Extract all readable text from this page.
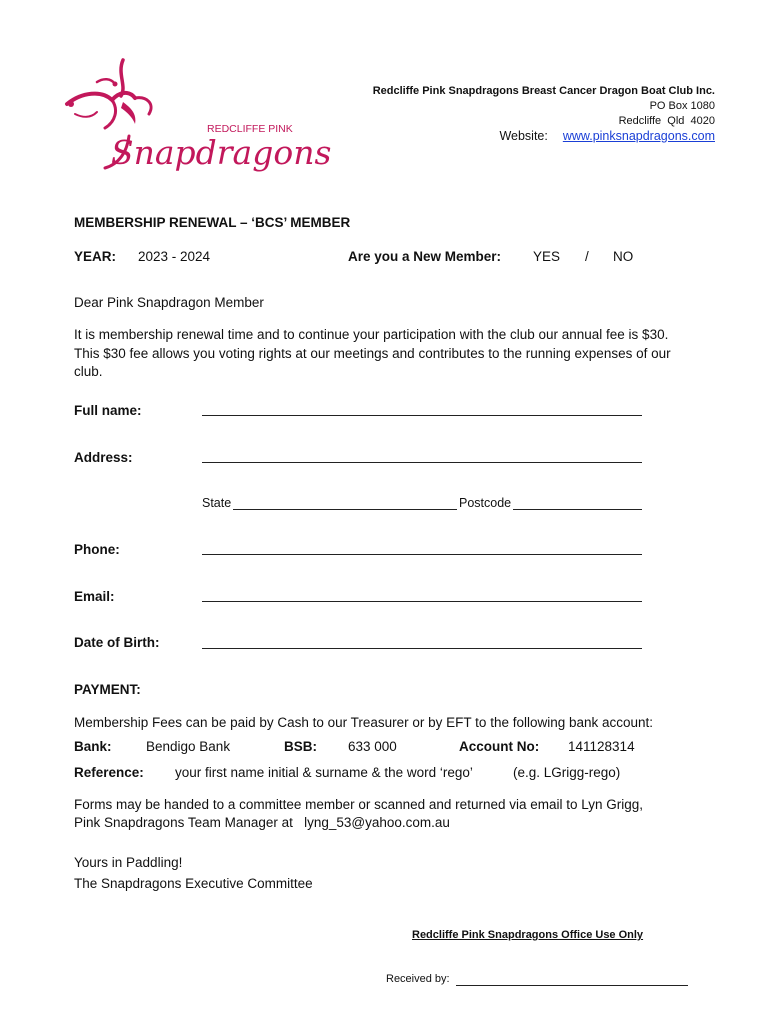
REDCLIFFE PINK
Snapdragons
Redcliffe Pink Snapdragons Breast Cancer Dragon Boat Club Inc.
PO Box 1080
Redcliffe  Qld  4020
Website: www.pinksnapdragons.com
MEMBERSHIP RENEWAL – ‘BCS’ MEMBER
YEAR: 2023 - 2024	Are you a New Member: YES / NO
Dear Pink Snapdragon Member
It is membership renewal time and to continue your participation with the club our annual fee is $30.
This $30 fee allows you voting rights at our meetings and contributes to the running expenses of our
club.
Full name:
Address:
State	Postcode
Phone:
Email:
Date of Birth:
PAYMENT:
Membership Fees can be paid by Cash to our Treasurer or by EFT to the following bank account:
Bank:	Bendigo Bank	BSB: 633 000	Account No: 141128314
Reference: your first name initial & surname & the word ‘rego’	(e.g. LGrigg-rego)
Forms may be handed to a committee member or scanned and returned via email to Lyn Grigg,
Pink Snapdragons Team Manager at   lyng_53@yahoo.com.au
Yours in Paddling!
The Snapdragons Executive Committee
Redcliffe Pink Snapdragons Office Use Only
Received by:
